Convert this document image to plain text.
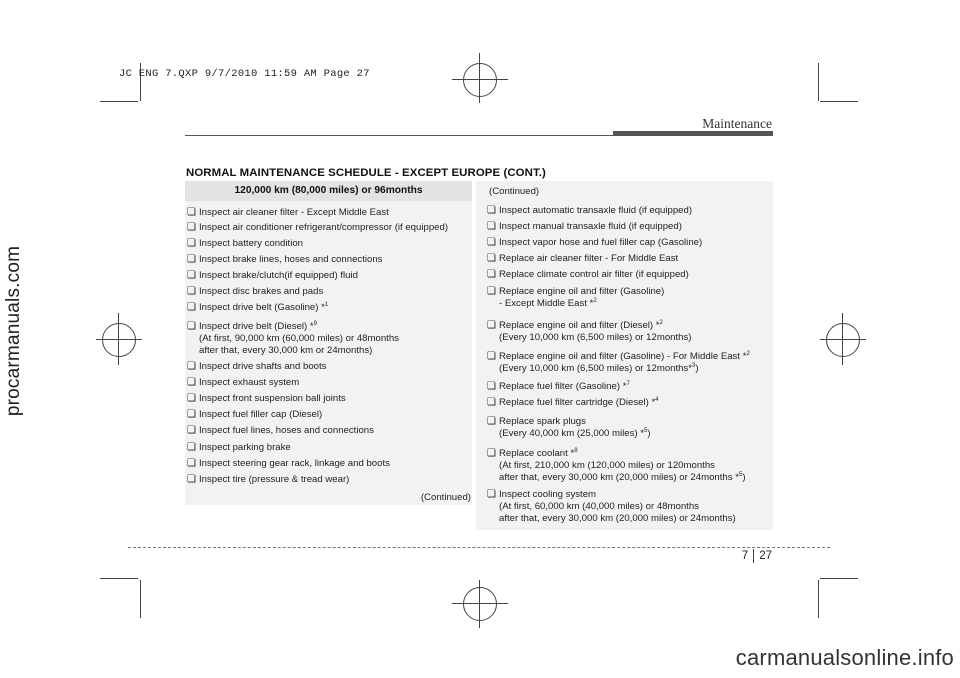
JC ENG 7.QXP 9/7/2010 11:59 AM Page 27
procarmanuals.com
Maintenance
NORMAL MAINTENANCE SCHEDULE - EXCEPT EUROPE (CONT.)
120,000 km (80,000 miles) or 96months
❏ Inspect air cleaner filter - Except Middle East
❏ Inspect air conditioner refrigerant/compressor (if equipped)
❏ Inspect battery condition
❏ Inspect brake lines, hoses and connections
❏ Inspect brake/clutch(if equipped) fluid
❏ Inspect disc brakes and pads
❏ Inspect drive belt (Gasoline) *$^1$
❏ Inspect drive belt (Diesel) *$^9$
(At first, 90,000 km (60,000 miles) or 48months
after that, every 30,000 km or 24months)
❏ Inspect drive shafts and boots
❏ Inspect exhaust system
❏ Inspect front suspension ball joints
❏ Inspect fuel filler cap (Diesel)
❏ Inspect fuel lines, hoses and connections
❏ Inspect parking brake
❏ Inspect steering gear rack, linkage and boots
❏ Inspect tire (pressure & tread wear)
(Continued)
(Continued)
❏ Inspect automatic transaxle fluid (if equipped)
❏ Inspect manual transaxle fluid (if equipped)
❏ Inspect vapor hose and fuel filler cap (Gasoline)
❏ Replace air cleaner filter - For Middle East
❏ Replace climate control air filter (if equipped)
❏ Replace engine oil and filter (Gasoline)
- Except Middle East *$^2$
❏ Replace engine oil and filter (Diesel) *$^2$
(Every 10,000 km (6,500 miles) or 12months)
❏ Replace engine oil and filter (Gasoline) - For Middle East *$^2$
(Every 10,000 km (6,500 miles) or 12months*$^3$)
❏ Replace fuel filter (Gasoline) *$^7$
❏ Replace fuel filter cartridge (Diesel) *$^4$
❏ Replace spark plugs
(Every 40,000 km (25,000 miles) *$^5$)
❏ Replace coolant *$^8$
(At first, 210,000 km (120,000 miles) or 120months
after that, every 30,000 km (20,000 miles) or 24months *$^5$)
❏ Inspect cooling system
(At first, 60,000 km (40,000 miles) or 48months
after that, every 30,000 km (20,000 miles) or 24months)
7 27
carmanualsonline.info
